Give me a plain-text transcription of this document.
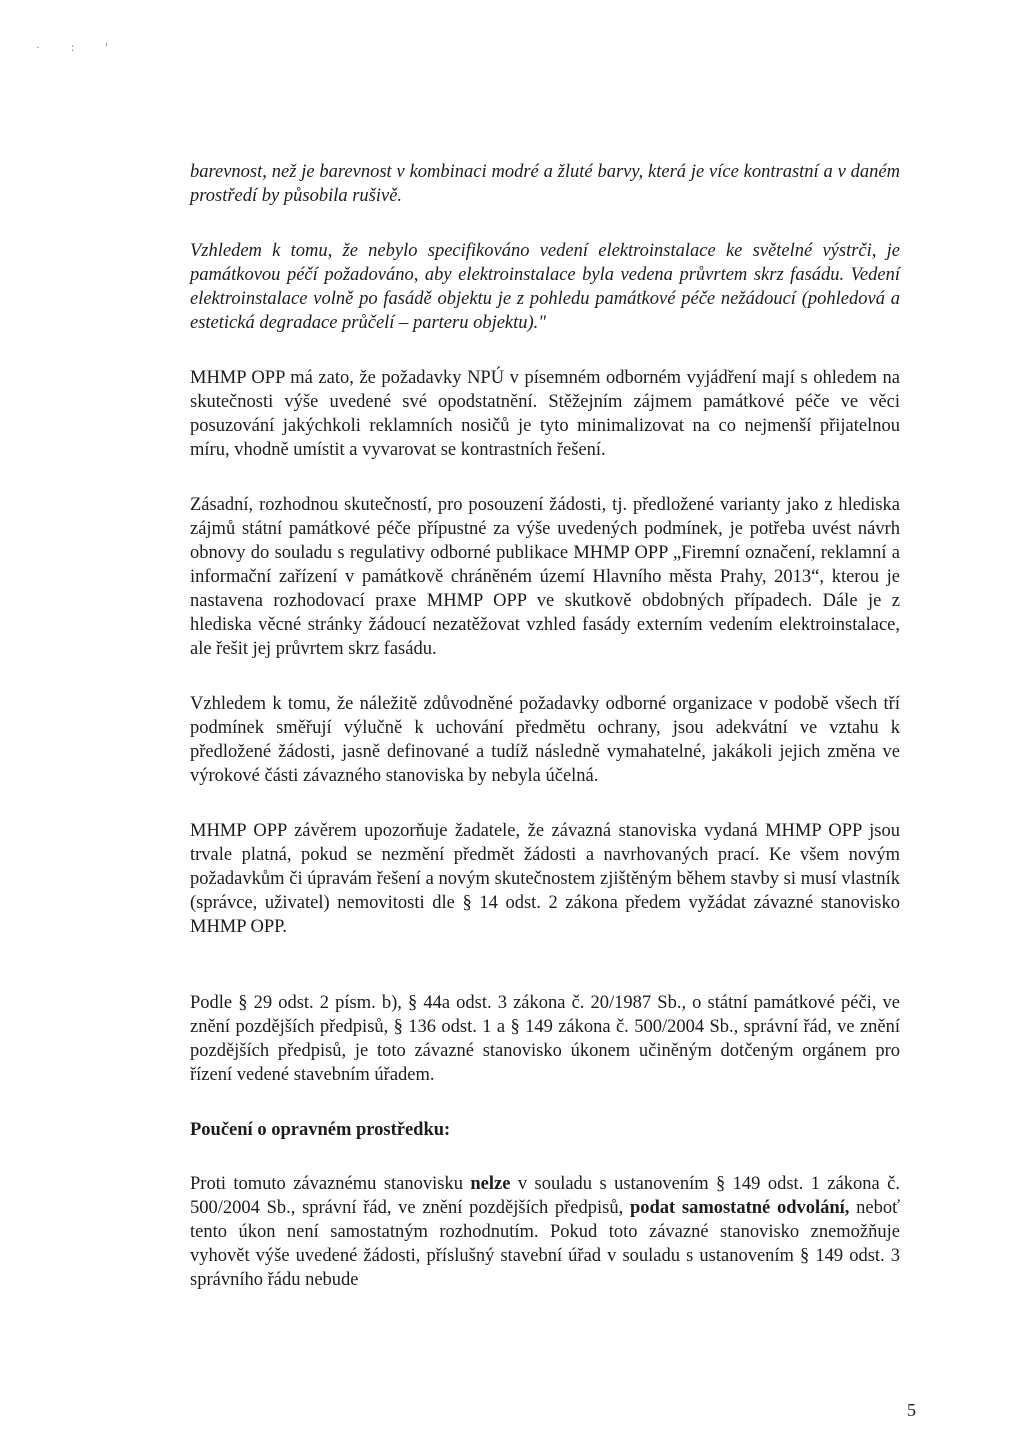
· : '

barevnost, než je barevnost v kombinaci modré a žluté barvy, která je více kontrastní a v daném prostředí by působila rušivě.

Vzhledem k tomu, že nebylo specifikováno vedení elektroinstalace ke světelné výstrči, je památkovou péčí požadováno, aby elektroinstalace byla vedena průvrtem skrz fasádu. Vedení elektroinstalace volně po fasádě objektu je z pohledu památkové péče nežádoucí (pohledová a estetická degradace průčelí – parteru objektu)."

MHMP OPP má zato, že požadavky NPÚ v písemném odborném vyjádření mají s ohledem na skutečnosti výše uvedené své opodstatnění. Stěžejním zájmem památkové péče ve věci posuzování jakýchkoli reklamních nosičů je tyto minimalizovat na co nejmenší přijatelnou míru, vhodně umístit a vyvarovat se kontrastních řešení.

Zásadní, rozhodnou skutečností, pro posouzení žádosti, tj. předložené varianty jako z hlediska zájmů státní památkové péče přípustné za výše uvedených podmínek, je potřeba uvést návrh obnovy do souladu s regulativy odborné publikace MHMP OPP „Firemní označení, reklamní a informační zařízení v památkově chráněném území Hlavního města Prahy, 2013“, kterou je nastavena rozhodovací praxe MHMP OPP ve skutkově obdobných případech. Dále je z hlediska věcné stránky žádoucí nezatěžovat vzhled fasády externím vedením elektroinstalace, ale řešit jej průvrtem skrz fasádu.

Vzhledem k tomu, že náležitě zdůvodněné požadavky odborné organizace v podobě všech tří podmínek směřují výlučně k uchování předmětu ochrany, jsou adekvátní ve vztahu k předložené žádosti, jasně definované a tudíž následně vymahatelné, jakákoli jejich změna ve výrokové části závazného stanoviska by nebyla účelná.

MHMP OPP závěrem upozorňuje žadatele, že závazná stanoviska vydaná MHMP OPP jsou trvale platná, pokud se nezmění předmět žádosti a navrhovaných prací. Ke všem novým požadavkům či úpravám řešení a novým skutečnostem zjištěným během stavby si musí vlastník (správce, uživatel) nemovitosti dle § 14 odst. 2 zákona předem vyžádat závazné stanovisko MHMP OPP.

Podle § 29 odst. 2 písm. b), § 44a odst. 3 zákona č. 20/1987 Sb., o státní památkové péči, ve znění pozdějších předpisů, § 136 odst. 1 a § 149 zákona č. 500/2004 Sb., správní řád, ve znění pozdějších předpisů, je toto závazné stanovisko úkonem učiněným dotčeným orgánem pro řízení vedené stavebním úřadem.

Poučení o opravném prostředku:

Proti tomuto závaznému stanovisku nelze v souladu s ustanovením § 149 odst. 1 zákona č. 500/2004 Sb., správní řád, ve znění pozdějších předpisů, podat samostatné odvolání, neboť tento úkon není samostatným rozhodnutím. Pokud toto závazné stanovisko znemožňuje vyhovět výše uvedené žádosti, příslušný stavební úřad v souladu s ustanovením § 149 odst. 3 správního řádu nebude

5
